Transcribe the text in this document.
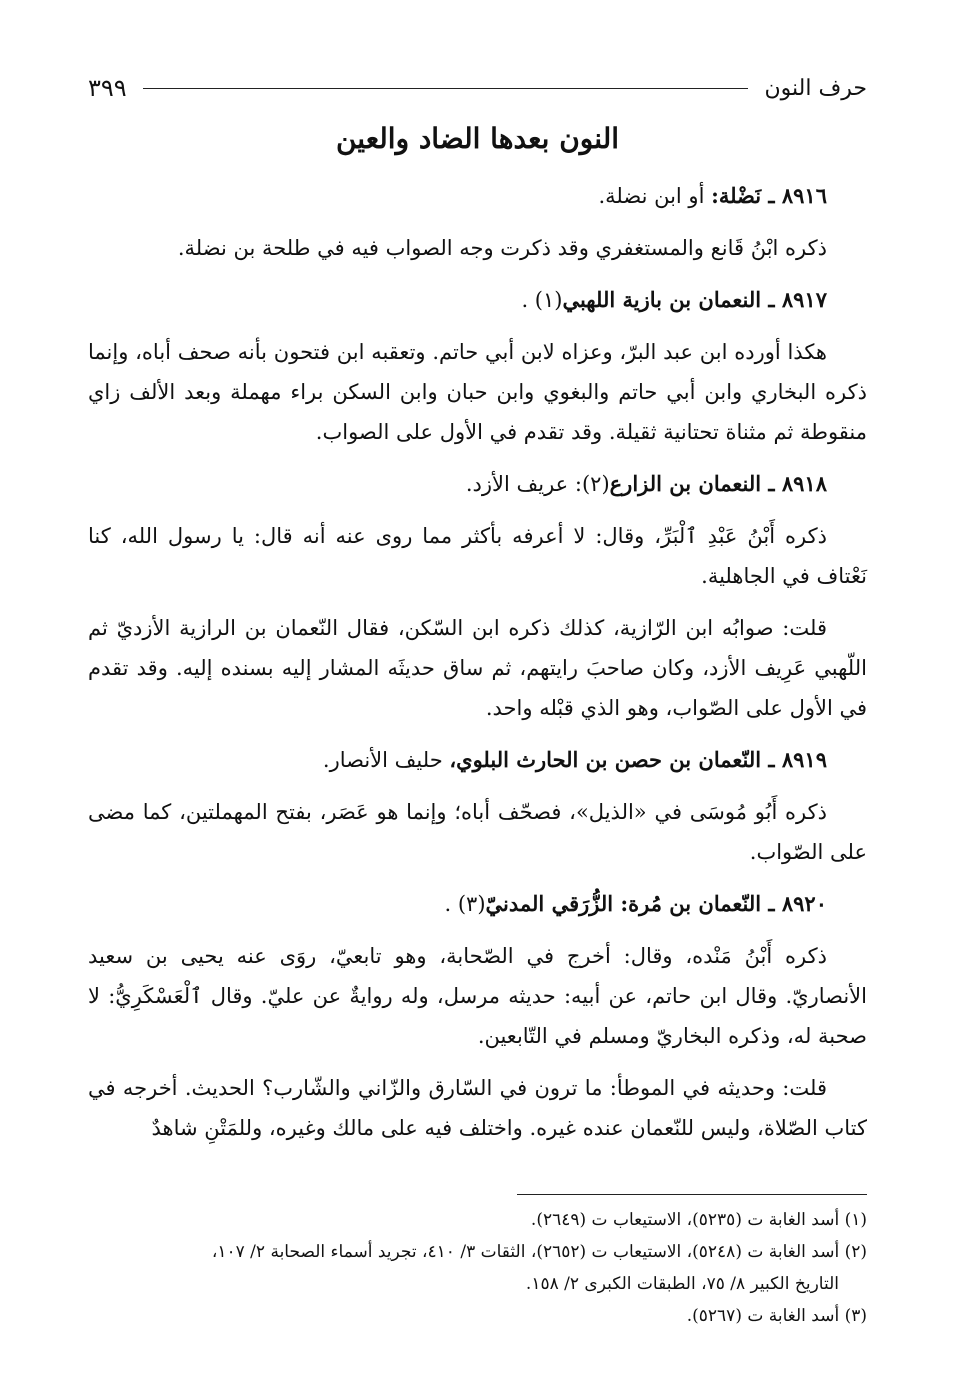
حرف النون
٣٩٩
النون بعدها الضاد والعين

٨٩١٦ ـ نَضْلة: أو ابن نضلة.

ذكره ابْنُ قَانع والمستغفري وقد ذكرت وجه الصواب فيه في طلحة بن نضلة.

٨٩١٧ ـ النعمان بن بازية اللهبي(١) .

هكذا أورده ابن عبد البرّ، وعزاه لابن أبي حاتم. وتعقبه ابن فتحون بأنه صحف أباه، وإنما ذكره البخاري وابن أبي حاتم والبغوي وابن حبان وابن السكن براء مهملة وبعد الألف زاي منقوطة ثم مثناة تحتانية ثقيلة. وقد تقدم في الأول على الصواب.

٨٩١٨ ـ النعمان بن الزارع(٢): عريف الأزد.

ذكره أَبْنُ عَبْدِ ٱلْبَرِّ، وقال: لا أعرفه بأكثر مما روى عنه أنه قال: يا رسول الله، كنا نَعْتاف في الجاهلية.

قلت: صوابُه ابن الرّازية، كذلك ذكره ابن السّكن، فقال النّعمان بن الرازية الأزديّ ثم اللّهبي عَرِيف الأزد، وكان صاحبَ رايتهم، ثم ساق حديثَه المشار إليه بسنده إليه. وقد تقدم في الأول على الصّواب، وهو الذي قبْله واحد.

٨٩١٩ ـ النّعمان بن حصن بن الحارث البلوي، حليف الأنصار.

ذكره أَبُو مُوسَى في «الذيل»، فصحّف أباه؛ وإنما هو عَصَر، بفتح المهملتين، كما مضى على الصّواب.

٨٩٢٠ ـ النّعمان بن مُرة: الزُّرَقي المدنيّ(٣) .

ذكره أَبْنُ مَنْده، وقال: أخرج في الصّحابة، وهو تابعيّ، روَى عنه يحيى بن سعيد الأنصاريّ. وقال ابن حاتم، عن أبيه: حديثه مرسل، وله روايةٌ عن عليّ. وقال ٱلْعَسْكَرِيُّ: لا صحبة له، وذكره البخاريّ ومسلم في التّابعين.

قلت: وحديثه في الموطأ: ما ترون في السّارق والزّاني والشّارب؟ الحديث. أخرجه في كتاب الصّلاة، وليس للنّعمان عنده غيره. واختلف فيه على مالك وغيره، وللمَتْنِ شاهدٌ

(١) أسد الغابة ت (٥٢٣٥)، الاستيعاب ت (٢٦٤٩).
(٢) أسد الغابة ت (٥٢٤٨)، الاستيعاب ت (٢٦٥٢)، الثقات ٣/ ٤١٠، تجريد أسماء الصحابة ٢/ ١٠٧،
التاريخ الكبير ٨/ ٧٥، الطبقات الكبرى ٢/ ١٥٨.
(٣) أسد الغابة ت (٥٢٦٧).
